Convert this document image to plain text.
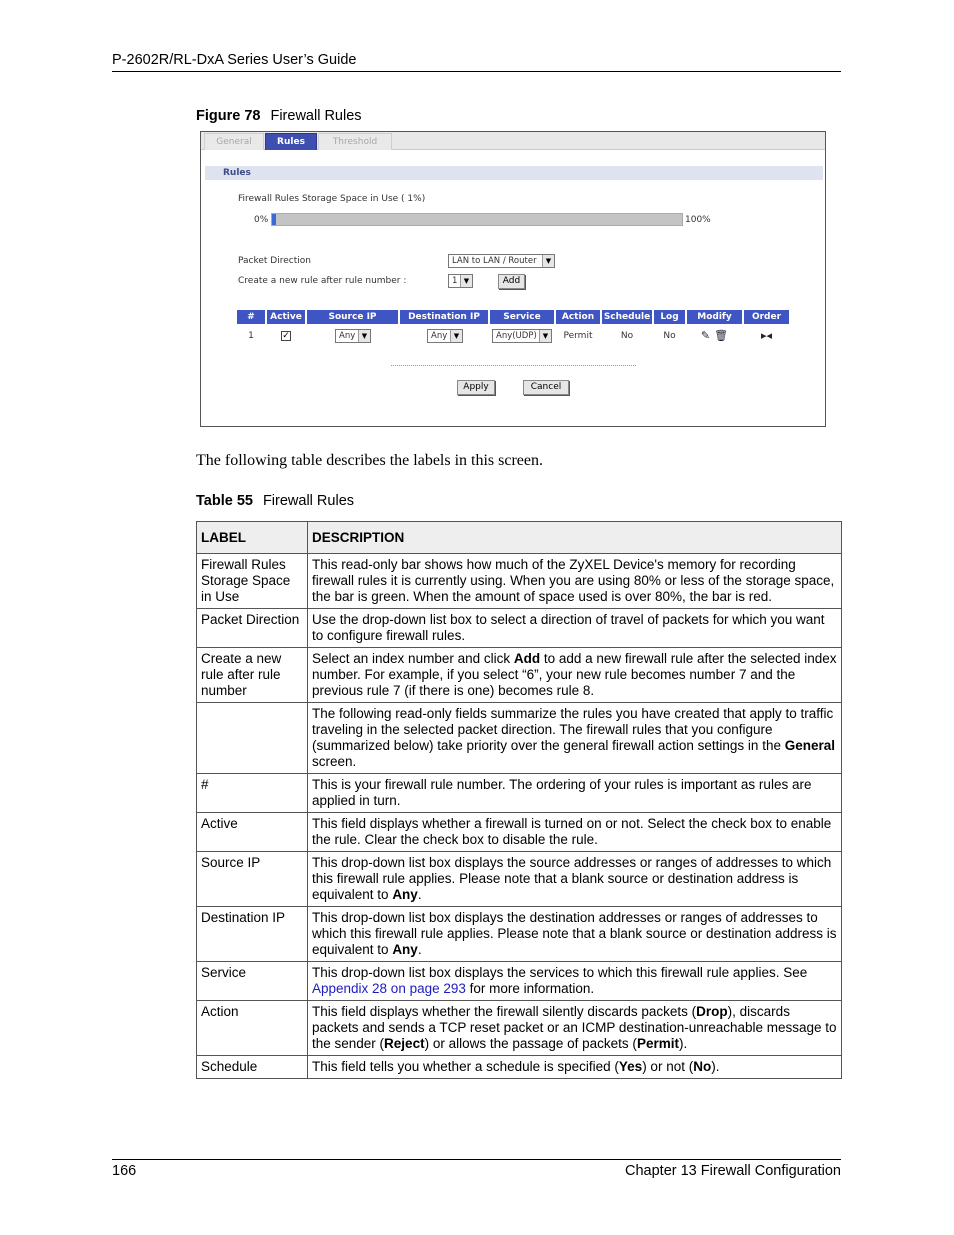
P-2602R/RL-DxA Series User’s Guide
Figure 78 Firewall Rules
General	Rules	Threshold
Rules
Firewall Rules Storage Space in Use ( 1%)
0%	100%
Packet Direction	LAN to LAN / Router	▼
Create a new rule after rule number :	1 ▼	Add
#	Active	Source IP	Destination IP	Service	Action	Schedule	Log	Modify	Order
1	✓	Any ▼	Any ▼	Any(UDP) ▼	Permit	No	No	✎ 🗑	▸◂
Apply	Cancel
The following table describes the labels in this screen.
Table 55 Firewall Rules
LABEL	DESCRIPTION
Firewall Rules Storage Space in Use	This read-only bar shows how much of the ZyXEL Device's memory for recording firewall rules it is currently using. When you are using 80% or less of the storage space, the bar is green. When the amount of space used is over 80%, the bar is red.
Packet Direction	Use the drop-down list box to select a direction of travel of packets for which you want to configure firewall rules.
Create a new rule after rule number	Select an index number and click Add to add a new firewall rule after the selected index number. For example, if you select “6”, your new rule becomes number 7 and the previous rule 7 (if there is one) becomes rule 8.
	The following read-only fields summarize the rules you have created that apply to traffic traveling in the selected packet direction. The firewall rules that you configure (summarized below) take priority over the general firewall action settings in the General screen.
#	This is your firewall rule number. The ordering of your rules is important as rules are applied in turn.
Active	This field displays whether a firewall is turned on or not. Select the check box to enable the rule. Clear the check box to disable the rule.
Source IP	This drop-down list box displays the source addresses or ranges of addresses to which this firewall rule applies. Please note that a blank source or destination address is equivalent to Any.
Destination IP	This drop-down list box displays the destination addresses or ranges of addresses to which this firewall rule applies. Please note that a blank source or destination address is equivalent to Any.
Service	This drop-down list box displays the services to which this firewall rule applies. See Appendix 28 on page 293 for more information.
Action	This field displays whether the firewall silently discards packets (Drop), discards packets and sends a TCP reset packet or an ICMP destination-unreachable message to the sender (Reject) or allows the passage of packets (Permit).
Schedule	This field tells you whether a schedule is specified (Yes) or not (No).
166	Chapter 13 Firewall Configuration
